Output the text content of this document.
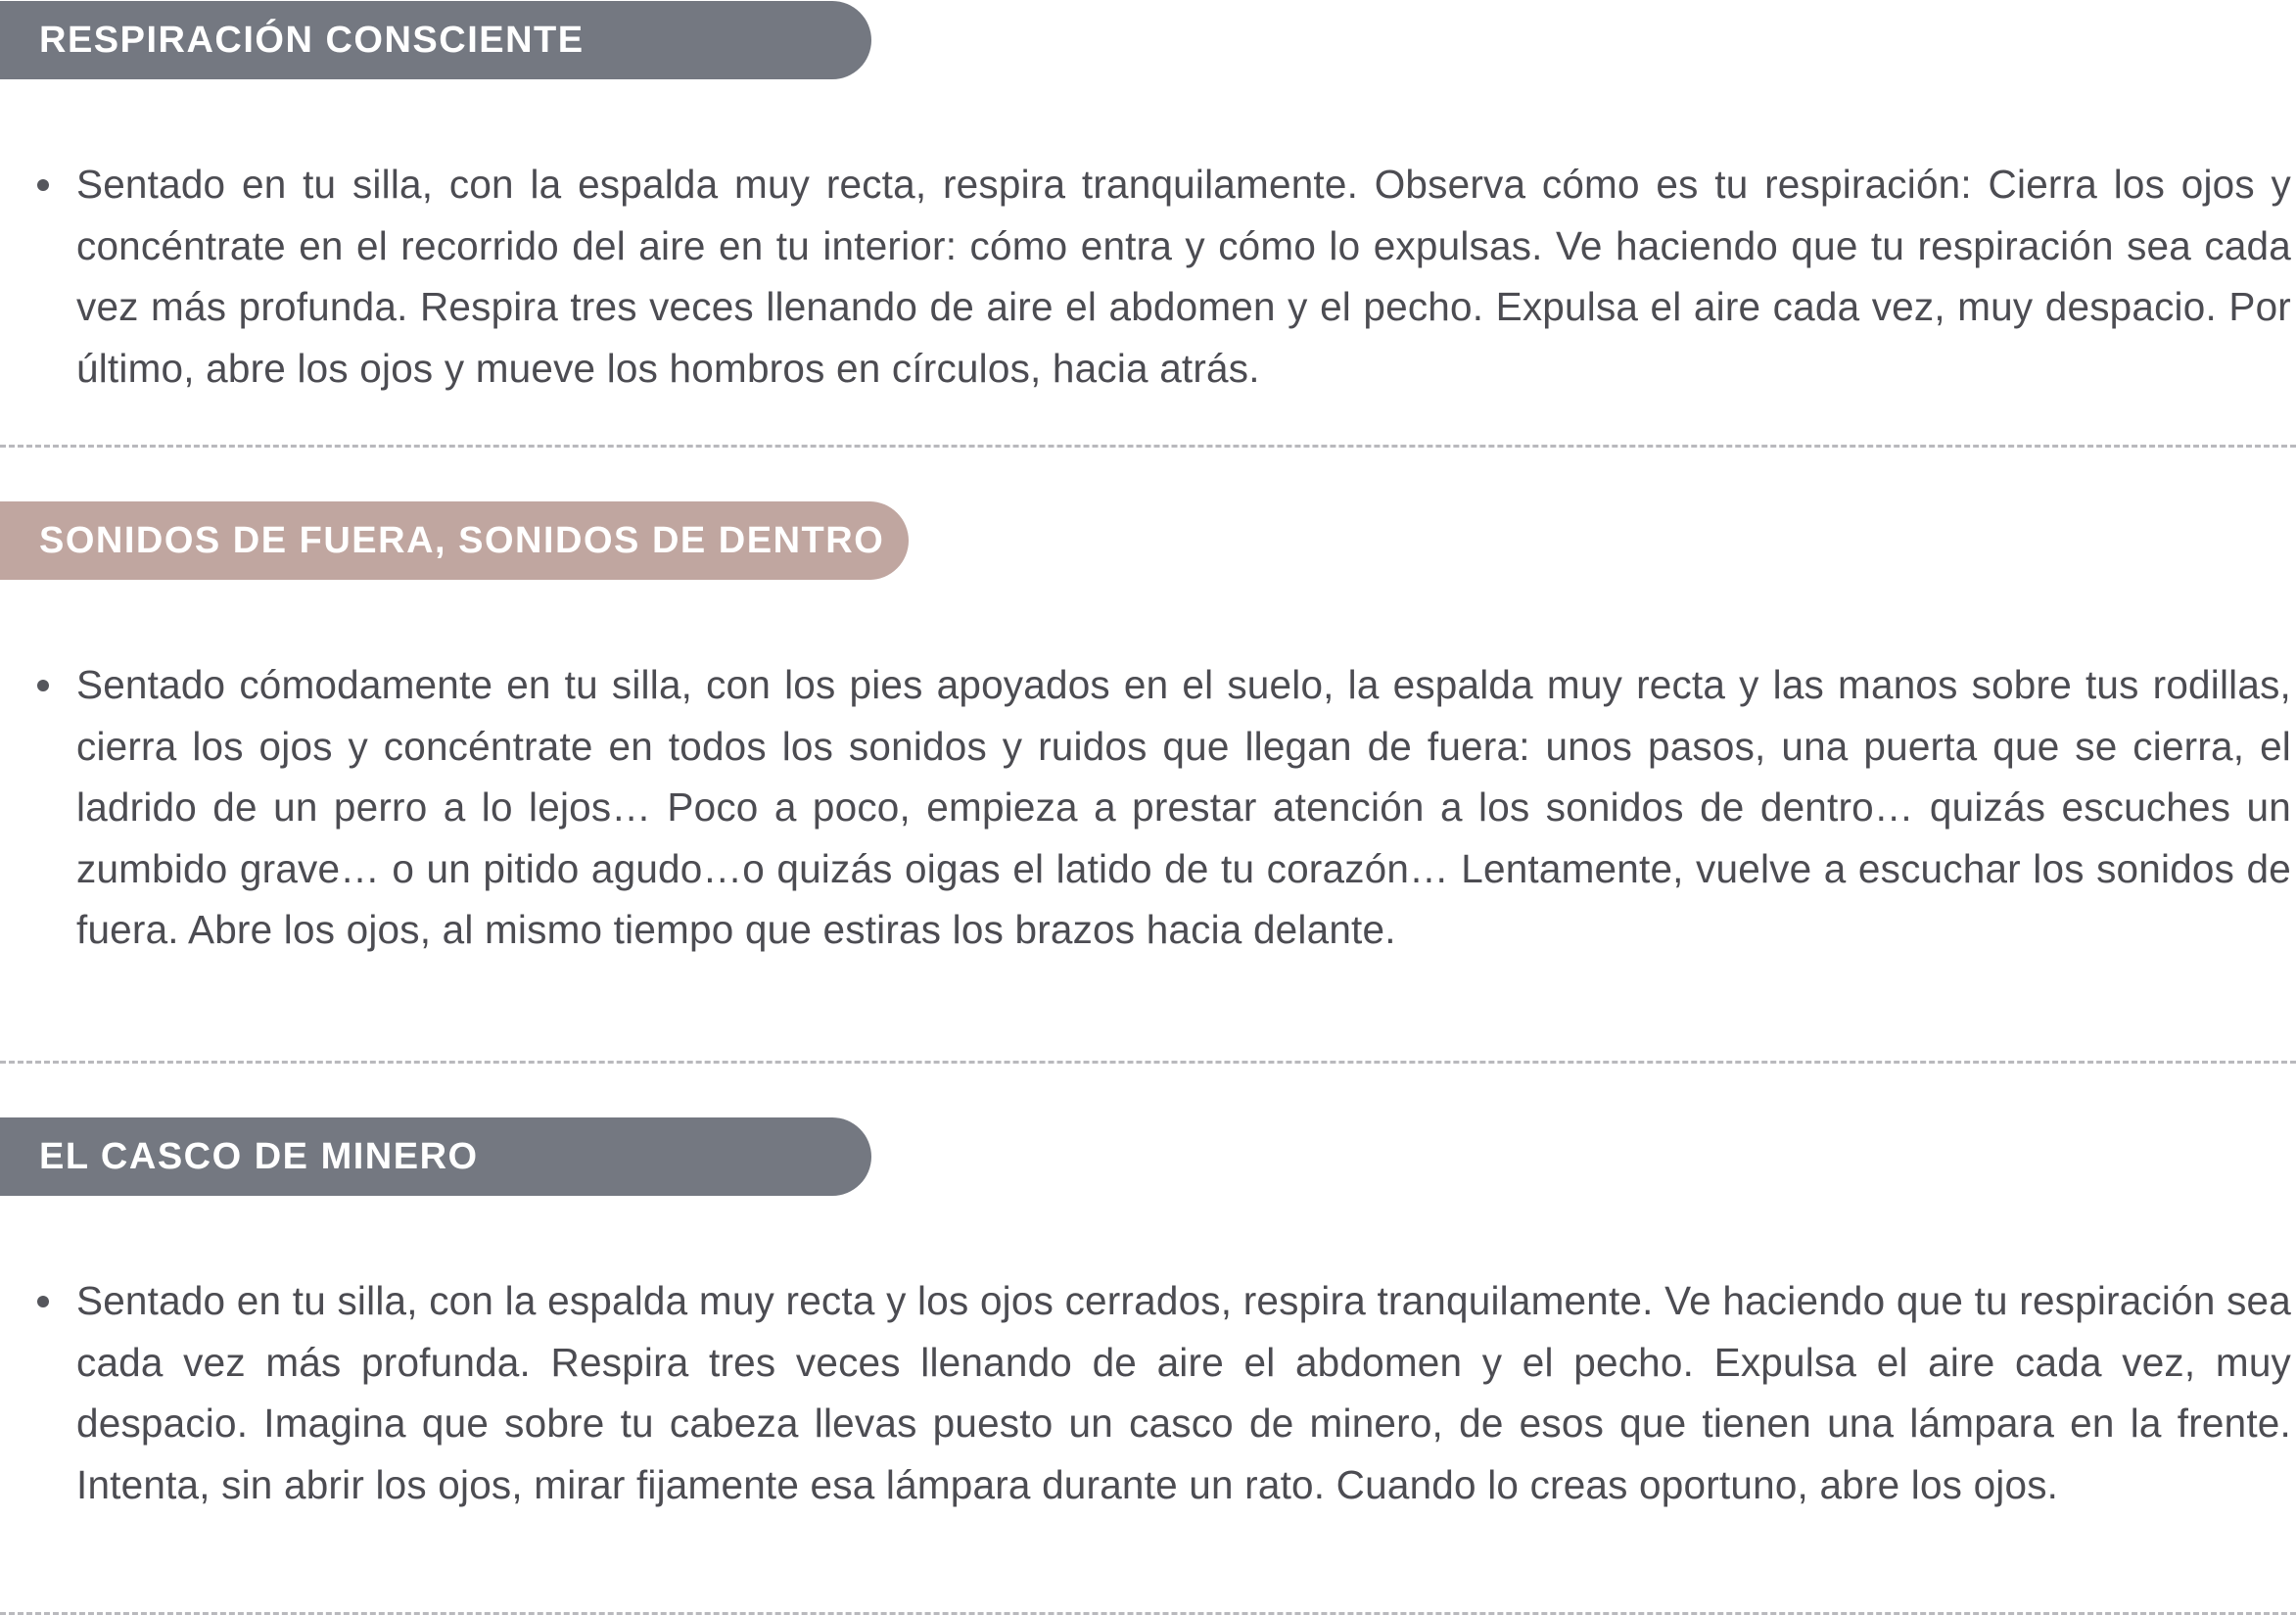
RESPIRACIÓN CONSCIENTE

Sentado en tu silla, con la espalda muy recta, respira tranquilamente. Observa cómo es tu respiración: Cierra los ojos y concéntrate en el recorrido del aire en tu interior: cómo entra y cómo lo expulsas. Ve haciendo que tu respiración sea cada vez más profunda. Respira tres veces llenando de aire el abdomen y el pecho. Expulsa el aire cada vez, muy despacio. Por último, abre los ojos y mueve los hombros en círculos, hacia atrás.

SONIDOS DE FUERA, SONIDOS DE DENTRO

Sentado cómodamente en tu silla, con los pies apoyados en el suelo, la espalda muy recta y las manos sobre tus rodillas, cierra los ojos y concéntrate en todos los sonidos y ruidos que llegan de fuera: unos pasos, una puerta que se cierra, el ladrido de un perro a lo lejos… Poco a poco, empieza a prestar atención a los sonidos de dentro… quizás escuches un zumbido grave… o un pitido agudo…o quizás oigas el latido de tu corazón… Lentamente, vuelve a escuchar los sonidos de fuera. Abre los ojos, al mismo tiempo que estiras los brazos hacia delante.

EL CASCO DE MINERO

Sentado en tu silla, con la espalda muy recta y los ojos cerrados, respira tranquilamente. Ve haciendo que tu respiración sea cada vez más profunda. Respira tres veces llenando de aire el abdomen y el pecho. Expulsa el aire cada vez, muy despacio. Imagina que sobre tu cabeza llevas puesto un casco de minero, de esos que tienen una lámpara en la frente. Intenta, sin abrir los ojos, mirar fijamente esa lámpara durante un rato. Cuando lo creas oportuno, abre los ojos.
